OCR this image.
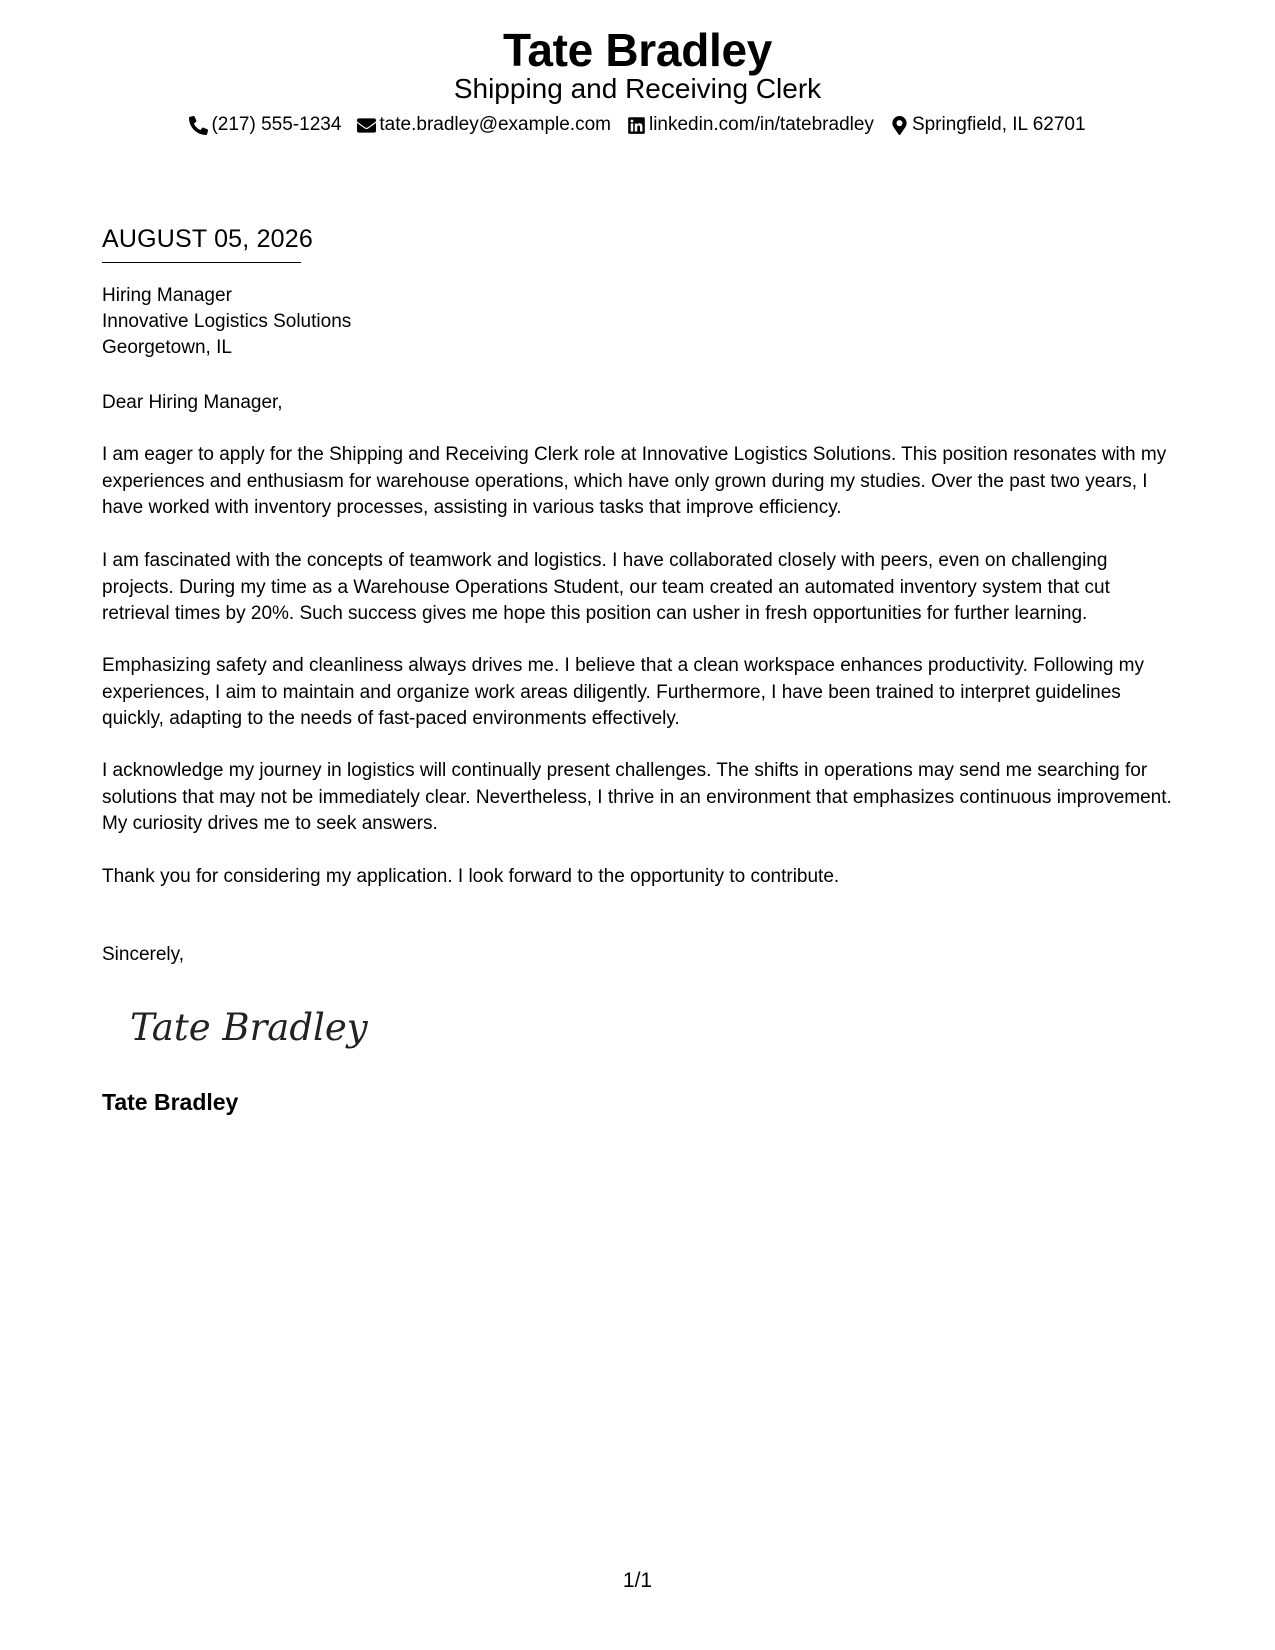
Tate Bradley
Shipping and Receiving Clerk
(217) 555-1234 tate.bradley@example.com linkedin.com/in/tatebradley Springfield, IL 62701
AUGUST 05, 2026
Hiring Manager
Innovative Logistics Solutions
Georgetown, IL

Dear Hiring Manager,

I am eager to apply for the Shipping and Receiving Clerk role at Innovative Logistics Solutions. This position resonates with my experiences and enthusiasm for warehouse operations, which have only grown during my studies. Over the past two years, I have worked with inventory processes, assisting in various tasks that improve efficiency.

I am fascinated with the concepts of teamwork and logistics. I have collaborated closely with peers, even on challenging projects. During my time as a Warehouse Operations Student, our team created an automated inventory system that cut retrieval times by 20%. Such success gives me hope this position can usher in fresh opportunities for further learning.

Emphasizing safety and cleanliness always drives me. I believe that a clean workspace enhances productivity. Following my experiences, I aim to maintain and organize work areas diligently. Furthermore, I have been trained to interpret guidelines quickly, adapting to the needs of fast-paced environments effectively.

I acknowledge my journey in logistics will continually present challenges. The shifts in operations may send me searching for solutions that may not be immediately clear. Nevertheless, I thrive in an environment that emphasizes continuous improvement. My curiosity drives me to seek answers.

Thank you for considering my application. I look forward to the opportunity to contribute.

Sincerely,
Tate Bradley
Tate Bradley
1/1
